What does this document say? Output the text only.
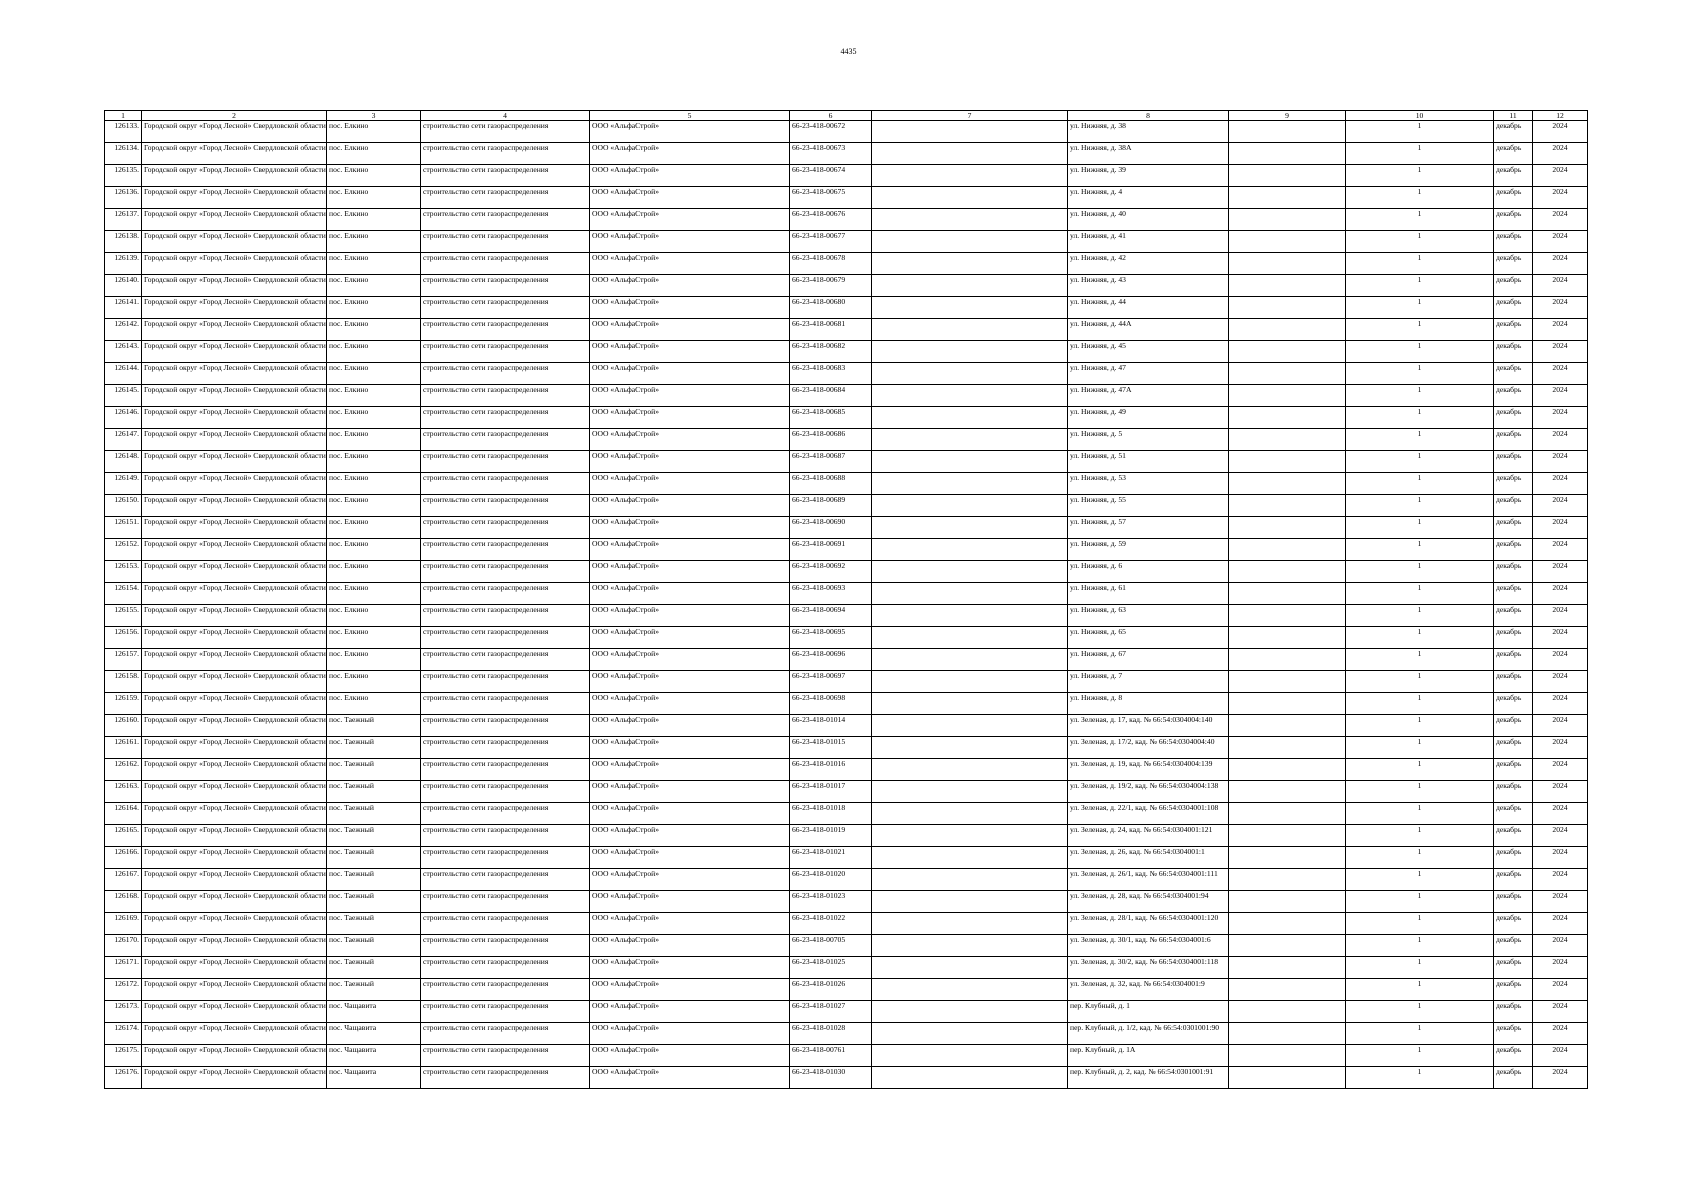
4435
1	2	3	4	5	6	7	8	9	10	11	12
126133.	Городской округ «Город Лесной» Свердловской области	пос. Елкино	строительство сети газораспределения	ООО «АльфаСтрой»	66-23-418-00672		ул. Нижняя, д. 38		1	декабрь	2024
126134.	Городской округ «Город Лесной» Свердловской области	пос. Елкино	строительство сети газораспределения	ООО «АльфаСтрой»	66-23-418-00673		ул. Нижняя, д. 38А		1	декабрь	2024
126135.	Городской округ «Город Лесной» Свердловской области	пос. Елкино	строительство сети газораспределения	ООО «АльфаСтрой»	66-23-418-00674		ул. Нижняя, д. 39		1	декабрь	2024
126136.	Городской округ «Город Лесной» Свердловской области	пос. Елкино	строительство сети газораспределения	ООО «АльфаСтрой»	66-23-418-00675		ул. Нижняя, д. 4		1	декабрь	2024
126137.	Городской округ «Город Лесной» Свердловской области	пос. Елкино	строительство сети газораспределения	ООО «АльфаСтрой»	66-23-418-00676		ул. Нижняя, д. 40		1	декабрь	2024
126138.	Городской округ «Город Лесной» Свердловской области	пос. Елкино	строительство сети газораспределения	ООО «АльфаСтрой»	66-23-418-00677		ул. Нижняя, д. 41		1	декабрь	2024
126139.	Городской округ «Город Лесной» Свердловской области	пос. Елкино	строительство сети газораспределения	ООО «АльфаСтрой»	66-23-418-00678		ул. Нижняя, д. 42		1	декабрь	2024
126140.	Городской округ «Город Лесной» Свердловской области	пос. Елкино	строительство сети газораспределения	ООО «АльфаСтрой»	66-23-418-00679		ул. Нижняя, д. 43		1	декабрь	2024
126141.	Городской округ «Город Лесной» Свердловской области	пос. Елкино	строительство сети газораспределения	ООО «АльфаСтрой»	66-23-418-00680		ул. Нижняя, д. 44		1	декабрь	2024
126142.	Городской округ «Город Лесной» Свердловской области	пос. Елкино	строительство сети газораспределения	ООО «АльфаСтрой»	66-23-418-00681		ул. Нижняя, д. 44А		1	декабрь	2024
126143.	Городской округ «Город Лесной» Свердловской области	пос. Елкино	строительство сети газораспределения	ООО «АльфаСтрой»	66-23-418-00682		ул. Нижняя, д. 45		1	декабрь	2024
126144.	Городской округ «Город Лесной» Свердловской области	пос. Елкино	строительство сети газораспределения	ООО «АльфаСтрой»	66-23-418-00683		ул. Нижняя, д. 47		1	декабрь	2024
126145.	Городской округ «Город Лесной» Свердловской области	пос. Елкино	строительство сети газораспределения	ООО «АльфаСтрой»	66-23-418-00684		ул. Нижняя, д. 47А		1	декабрь	2024
126146.	Городской округ «Город Лесной» Свердловской области	пос. Елкино	строительство сети газораспределения	ООО «АльфаСтрой»	66-23-418-00685		ул. Нижняя, д. 49		1	декабрь	2024
126147.	Городской округ «Город Лесной» Свердловской области	пос. Елкино	строительство сети газораспределения	ООО «АльфаСтрой»	66-23-418-00686		ул. Нижняя, д. 5		1	декабрь	2024
126148.	Городской округ «Город Лесной» Свердловской области	пос. Елкино	строительство сети газораспределения	ООО «АльфаСтрой»	66-23-418-00687		ул. Нижняя, д. 51		1	декабрь	2024
126149.	Городской округ «Город Лесной» Свердловской области	пос. Елкино	строительство сети газораспределения	ООО «АльфаСтрой»	66-23-418-00688		ул. Нижняя, д. 53		1	декабрь	2024
126150.	Городской округ «Город Лесной» Свердловской области	пос. Елкино	строительство сети газораспределения	ООО «АльфаСтрой»	66-23-418-00689		ул. Нижняя, д. 55		1	декабрь	2024
126151.	Городской округ «Город Лесной» Свердловской области	пос. Елкино	строительство сети газораспределения	ООО «АльфаСтрой»	66-23-418-00690		ул. Нижняя, д. 57		1	декабрь	2024
126152.	Городской округ «Город Лесной» Свердловской области	пос. Елкино	строительство сети газораспределения	ООО «АльфаСтрой»	66-23-418-00691		ул. Нижняя, д. 59		1	декабрь	2024
126153.	Городской округ «Город Лесной» Свердловской области	пос. Елкино	строительство сети газораспределения	ООО «АльфаСтрой»	66-23-418-00692		ул. Нижняя, д. 6		1	декабрь	2024
126154.	Городской округ «Город Лесной» Свердловской области	пос. Елкино	строительство сети газораспределения	ООО «АльфаСтрой»	66-23-418-00693		ул. Нижняя, д. 61		1	декабрь	2024
126155.	Городской округ «Город Лесной» Свердловской области	пос. Елкино	строительство сети газораспределения	ООО «АльфаСтрой»	66-23-418-00694		ул. Нижняя, д. 63		1	декабрь	2024
126156.	Городской округ «Город Лесной» Свердловской области	пос. Елкино	строительство сети газораспределения	ООО «АльфаСтрой»	66-23-418-00695		ул. Нижняя, д. 65		1	декабрь	2024
126157.	Городской округ «Город Лесной» Свердловской области	пос. Елкино	строительство сети газораспределения	ООО «АльфаСтрой»	66-23-418-00696		ул. Нижняя, д. 67		1	декабрь	2024
126158.	Городской округ «Город Лесной» Свердловской области	пос. Елкино	строительство сети газораспределения	ООО «АльфаСтрой»	66-23-418-00697		ул. Нижняя, д. 7		1	декабрь	2024
126159.	Городской округ «Город Лесной» Свердловской области	пос. Елкино	строительство сети газораспределения	ООО «АльфаСтрой»	66-23-418-00698		ул. Нижняя, д. 8		1	декабрь	2024
126160.	Городской округ «Город Лесной» Свердловской области	пос. Таежный	строительство сети газораспределения	ООО «АльфаСтрой»	66-23-418-01014		ул. Зеленая, д. 17, кад. № 66:54:0304004:140		1	декабрь	2024
126161.	Городской округ «Город Лесной» Свердловской области	пос. Таежный	строительство сети газораспределения	ООО «АльфаСтрой»	66-23-418-01015		ул. Зеленая, д. 17/2, кад. № 66:54:0304004:40		1	декабрь	2024
126162.	Городской округ «Город Лесной» Свердловской области	пос. Таежный	строительство сети газораспределения	ООО «АльфаСтрой»	66-23-418-01016		ул. Зеленая, д. 19, кад. № 66:54:0304004:139		1	декабрь	2024
126163.	Городской округ «Город Лесной» Свердловской области	пос. Таежный	строительство сети газораспределения	ООО «АльфаСтрой»	66-23-418-01017		ул. Зеленая, д. 19/2, кад. № 66:54:0304004:138		1	декабрь	2024
126164.	Городской округ «Город Лесной» Свердловской области	пос. Таежный	строительство сети газораспределения	ООО «АльфаСтрой»	66-23-418-01018		ул. Зеленая, д. 22/1, кад. № 66:54:0304001:108		1	декабрь	2024
126165.	Городской округ «Город Лесной» Свердловской области	пос. Таежный	строительство сети газораспределения	ООО «АльфаСтрой»	66-23-418-01019		ул. Зеленая, д. 24, кад. № 66:54:0304001:121		1	декабрь	2024
126166.	Городской округ «Город Лесной» Свердловской области	пос. Таежный	строительство сети газораспределения	ООО «АльфаСтрой»	66-23-418-01021		ул. Зеленая, д. 26, кад. № 66:54:0304001:1		1	декабрь	2024
126167.	Городской округ «Город Лесной» Свердловской области	пос. Таежный	строительство сети газораспределения	ООО «АльфаСтрой»	66-23-418-01020		ул. Зеленая, д. 26/1, кад. № 66:54:0304001:111		1	декабрь	2024
126168.	Городской округ «Город Лесной» Свердловской области	пос. Таежный	строительство сети газораспределения	ООО «АльфаСтрой»	66-23-418-01023		ул. Зеленая, д. 28, кад. № 66:54:0304001:94		1	декабрь	2024
126169.	Городской округ «Город Лесной» Свердловской области	пос. Таежный	строительство сети газораспределения	ООО «АльфаСтрой»	66-23-418-01022		ул. Зеленая, д. 28/1, кад. № 66:54:0304001:120		1	декабрь	2024
126170.	Городской округ «Город Лесной» Свердловской области	пос. Таежный	строительство сети газораспределения	ООО «АльфаСтрой»	66-23-418-00705		ул. Зеленая, д. 30/1, кад. № 66:54:0304001:6		1	декабрь	2024
126171.	Городской округ «Город Лесной» Свердловской области	пос. Таежный	строительство сети газораспределения	ООО «АльфаСтрой»	66-23-418-01025		ул. Зеленая, д. 30/2, кад. № 66:54:0304001:118		1	декабрь	2024
126172.	Городской округ «Город Лесной» Свердловской области	пос. Таежный	строительство сети газораспределения	ООО «АльфаСтрой»	66-23-418-01026		ул. Зеленая, д. 32, кад. № 66:54:0304001:9		1	декабрь	2024
126173.	Городской округ «Город Лесной» Свердловской области	пос. Чащавита	строительство сети газораспределения	ООО «АльфаСтрой»	66-23-418-01027		пер. Клубный, д. 1		1	декабрь	2024
126174.	Городской округ «Город Лесной» Свердловской области	пос. Чащавита	строительство сети газораспределения	ООО «АльфаСтрой»	66-23-418-01028		пер. Клубный, д. 1/2, кад. № 66:54:0301001:90		1	декабрь	2024
126175.	Городской округ «Город Лесной» Свердловской области	пос. Чащавита	строительство сети газораспределения	ООО «АльфаСтрой»	66-23-418-00761		пер. Клубный, д. 1А		1	декабрь	2024
126176.	Городской округ «Город Лесной» Свердловской области	пос. Чащавита	строительство сети газораспределения	ООО «АльфаСтрой»	66-23-418-01030		пер. Клубный, д. 2, кад. № 66:54:0301001:91		1	декабрь	2024
